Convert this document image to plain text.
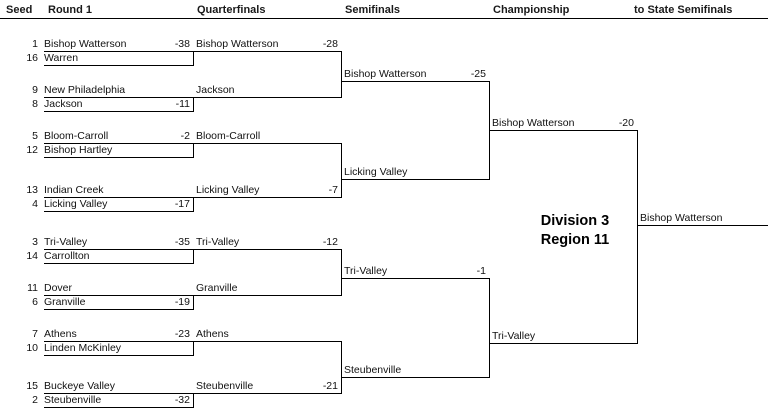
Seed Round 1	Quarterfinals	Semifinals	Championship	to State Semifinals
Division 3
Region 11
1 Bishop Watterson	-38
16 Warren
9 New Philadelphia
8 Jackson	-11
5 Bloom-Carroll	-2
12 Bishop Hartley
13 Indian Creek
4 Licking Valley	-17
3 Tri-Valley	-35
14 Carrollton
11 Dover
6 Granville	-19
7 Athens	-23
10 Linden McKinley
15 Buckeye Valley
2 Steubenville	-32
Bishop Watterson	-28
Jackson
Bloom-Carroll
Licking Valley	-7
Tri-Valley	-12
Granville
Athens
Steubenville	-21
Bishop Watterson	-25
Licking Valley
Tri-Valley	-1
Steubenville
Bishop Watterson	-20
Tri-Valley
Bishop Watterson
